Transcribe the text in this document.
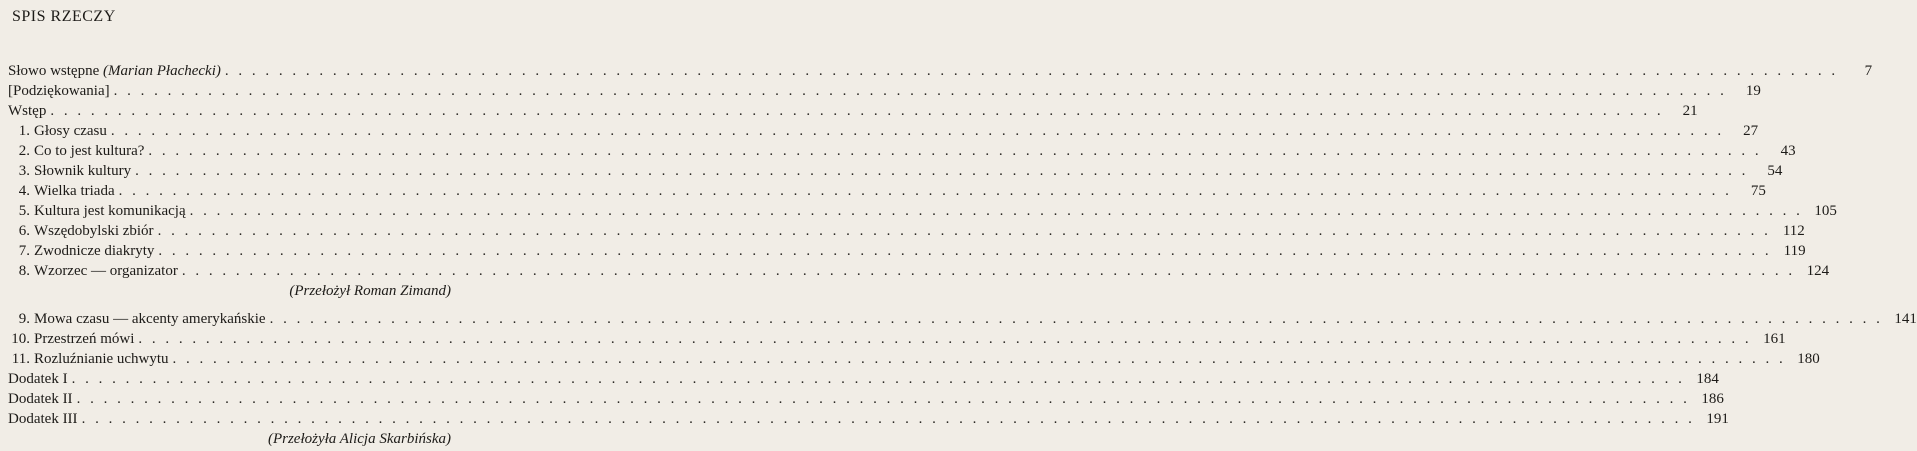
SPIS RZECZY
Słowo wstępne (Marian Płachecki) . . . . . . . . . . . . . . . . . . . . . . . . . . . . . . . . . . . . . . . . . . . . . . . . . . . . . . . . . . . . . . . . . . . . . . . . . . . . . . . . . . . . . . . . . . . . . . . . . . . . . . . . . . . . . . . . . . . . . . . .	7
[Podziękowania] . . . . . . . . . . . . . . . . . . . . . . . . . . . . . . . . . . . . . . . . . . . . . . . . . . . . . . . . . . . . . . . . . . . . . . . . . . . . . . . . . . . . . . . . . . . . . . . . . . . . . . . . . . . . . . . . . . . . . . . .	19
Wstęp . . . . . . . . . . . . . . . . . . . . . . . . . . . . . . . . . . . . . . . . . . . . . . . . . . . . . . . . . . . . . . . . . . . . . . . . . . . . . . . . . . . . . . . . . . . . . . . . . . . . . . . . . . . . . . . . . . . . . . . .	21
1. Głosy czasu . . . . . . . . . . . . . . . . . . . . . . . . . . . . . . . . . . . . . . . . . . . . . . . . . . . . . . . . . . . . . . . . . . . . . . . . . . . . . . . . . . . . . . . . . . . . . . . . . . . . . . . . . . . . . . . . . . . . . . . .	27
2. Co to jest kultura? . . . . . . . . . . . . . . . . . . . . . . . . . . . . . . . . . . . . . . . . . . . . . . . . . . . . . . . . . . . . . . . . . . . . . . . . . . . . . . . . . . . . . . . . . . . . . . . . . . . . . . . . . . . . . . . . . . . . . . . .	43
3. Słownik kultury . . . . . . . . . . . . . . . . . . . . . . . . . . . . . . . . . . . . . . . . . . . . . . . . . . . . . . . . . . . . . . . . . . . . . . . . . . . . . . . . . . . . . . . . . . . . . . . . . . . . . . . . . . . . . . . . . . . . . . . .	54
4. Wielka triada . . . . . . . . . . . . . . . . . . . . . . . . . . . . . . . . . . . . . . . . . . . . . . . . . . . . . . . . . . . . . . . . . . . . . . . . . . . . . . . . . . . . . . . . . . . . . . . . . . . . . . . . . . . . . . . . . . . . . . . .	75
5. Kultura jest komunikacją . . . . . . . . . . . . . . . . . . . . . . . . . . . . . . . . . . . . . . . . . . . . . . . . . . . . . . . . . . . . . . . . . . . . . . . . . . . . . . . . . . . . . . . . . . . . . . . . . . . . . . . . . . . . . . . . . . . . . . . . 105
6. Wszędobylski zbiór . . . . . . . . . . . . . . . . . . . . . . . . . . . . . . . . . . . . . . . . . . . . . . . . . . . . . . . . . . . . . . . . . . . . . . . . . . . . . . . . . . . . . . . . . . . . . . . . . . . . . . . . . . . . . . . . . . . . . . . . 112
7. Zwodnicze diakryty . . . . . . . . . . . . . . . . . . . . . . . . . . . . . . . . . . . . . . . . . . . . . . . . . . . . . . . . . . . . . . . . . . . . . . . . . . . . . . . . . . . . . . . . . . . . . . . . . . . . . . . . . . . . . . . . . . . . . . . . 119
8. Wzorzec — organizator . . . . . . . . . . . . . . . . . . . . . . . . . . . . . . . . . . . . . . . . . . . . . . . . . . . . . . . . . . . . . . . . . . . . . . . . . . . . . . . . . . . . . . . . . . . . . . . . . . . . . . . . . . . . . . . . . . . . . . . . 124
(Przełożył Roman Zimand)
9. Mowa czasu — akcenty amerykańskie . . . . . . . . . . . . . . . . . . . . . . . . . . . . . . . . . . . . . . . . . . . . . . . . . . . . . . . . . . . . . . . . . . . . . . . . . . . . . . . . . . . . . . . . . . . . . . . . . . . . . . . . . . . . . . . . . . . . . . . . 141
10. Przestrzeń mówi . . . . . . . . . . . . . . . . . . . . . . . . . . . . . . . . . . . . . . . . . . . . . . . . . . . . . . . . . . . . . . . . . . . . . . . . . . . . . . . . . . . . . . . . . . . . . . . . . . . . . . . . . . . . . . . . . . . . . . . . 161
11. Rozluźnianie uchwytu . . . . . . . . . . . . . . . . . . . . . . . . . . . . . . . . . . . . . . . . . . . . . . . . . . . . . . . . . . . . . . . . . . . . . . . . . . . . . . . . . . . . . . . . . . . . . . . . . . . . . . . . . . . . . . . . . . . . . . . . 180
Dodatek I . . . . . . . . . . . . . . . . . . . . . . . . . . . . . . . . . . . . . . . . . . . . . . . . . . . . . . . . . . . . . . . . . . . . . . . . . . . . . . . . . . . . . . . . . . . . . . . . . . . . . . . . . . . . . . . . . . . . . . . . 184
Dodatek II . . . . . . . . . . . . . . . . . . . . . . . . . . . . . . . . . . . . . . . . . . . . . . . . . . . . . . . . . . . . . . . . . . . . . . . . . . . . . . . . . . . . . . . . . . . . . . . . . . . . . . . . . . . . . . . . . . . . . . . . 186
Dodatek III . . . . . . . . . . . . . . . . . . . . . . . . . . . . . . . . . . . . . . . . . . . . . . . . . . . . . . . . . . . . . . . . . . . . . . . . . . . . . . . . . . . . . . . . . . . . . . . . . . . . . . . . . . . . . . . . . . . . . . . . 191
(Przełożyła Alicja Skarbińska)
